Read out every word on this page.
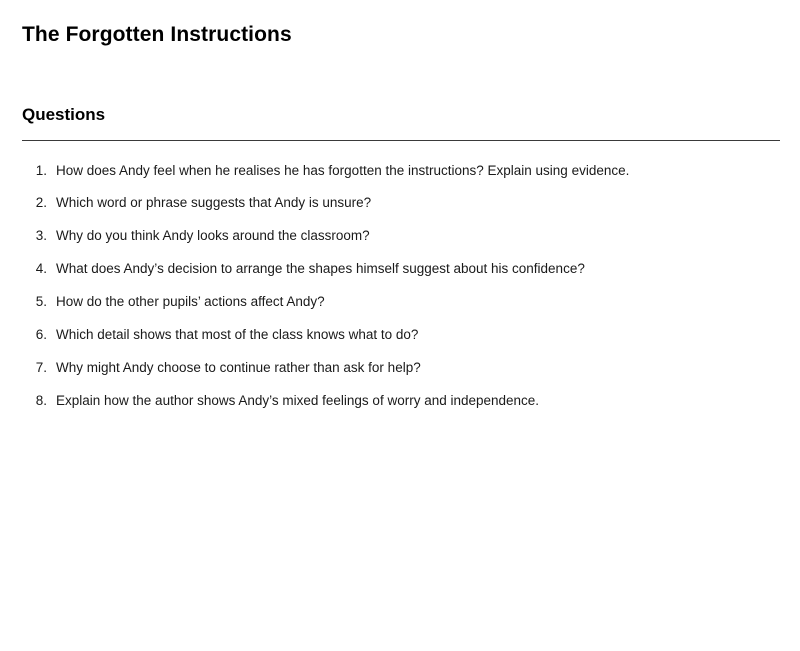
The Forgotten Instructions
Questions
1. How does Andy feel when he realises he has forgotten the instructions? Explain using evidence.
2. Which word or phrase suggests that Andy is unsure?
3. Why do you think Andy looks around the classroom?
4. What does Andy’s decision to arrange the shapes himself suggest about his confidence?
5. How do the other pupils’ actions affect Andy?
6. Which detail shows that most of the class knows what to do?
7. Why might Andy choose to continue rather than ask for help?
8. Explain how the author shows Andy’s mixed feelings of worry and independence.
